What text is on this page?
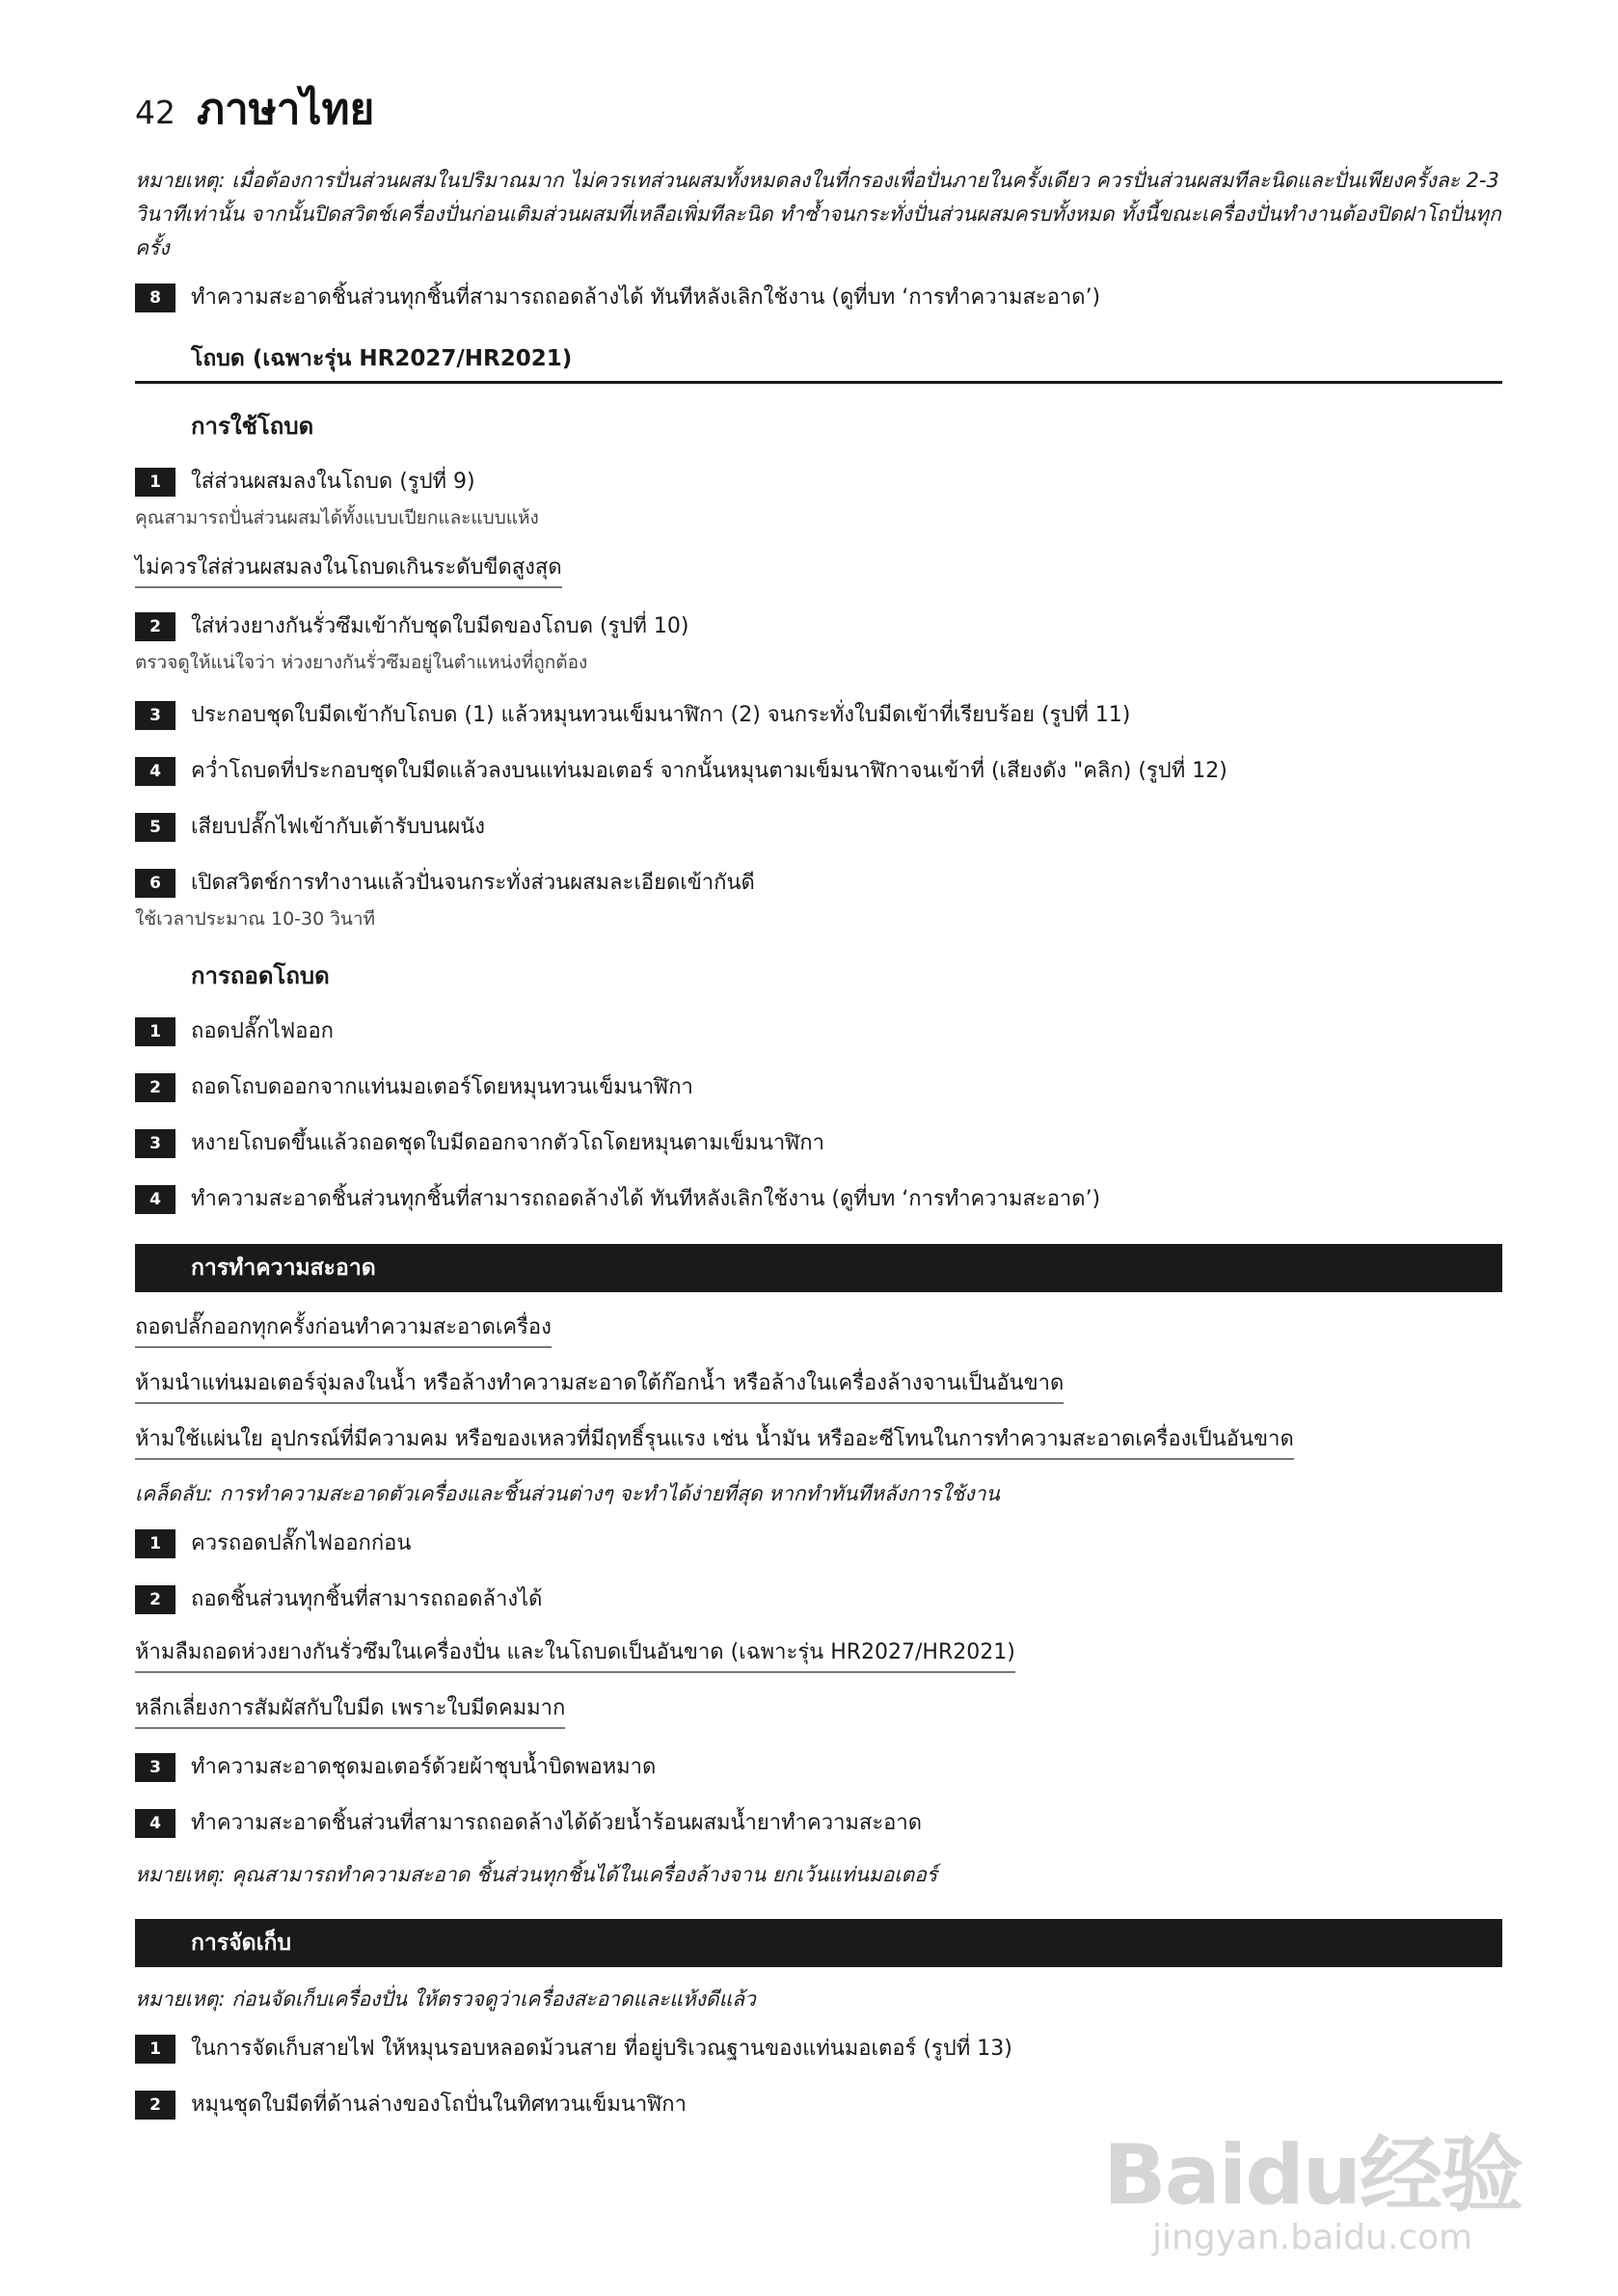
42 ภาษาไทย

หมายเหตุ: เมื่อต้องการปั่นส่วนผสมในปริมาณมาก ไม่ควรเทส่วนผสมทั้งหมดลงในที่กรองเพื่อปั่นภายในครั้งเดียว ควรปั่นส่วนผสมทีละนิดและปั่นเพียงครั้งละ 2-3 วินาทีเท่านั้น จากนั้นปิดสวิตช์เครื่องปั่นก่อนเติมส่วนผสมที่เหลือเพิ่มทีละนิด ทำซ้ำจนกระทั่งปั่นส่วนผสมครบทั้งหมด ทั้งนี้ขณะเครื่องปั่นทำงานต้องปิดฝาโถปั่นทุกครั้ง

8	ทำความสะอาดชิ้นส่วนทุกชิ้นที่สามารถถอดล้างได้ ทันทีหลังเลิกใช้งาน (ดูที่บท ‘การทำความสะอาด’)
โถบด (เฉพาะรุ่น HR2027/HR2021)
การใช้โถบด
1	ใส่ส่วนผสมลงในโถบด (รูปที่ 9)

คุณสามารถปั่นส่วนผสมได้ทั้งแบบเปียกและแบบแห้ง

ไม่ควรใส่ส่วนผสมลงในโถบดเกินระดับขีดสูงสุด
2	ใส่ห่วงยางกันรั่วซึมเข้ากับชุดใบมีดของโถบด (รูปที่ 10)

ตรวจดูให้แน่ใจว่า ห่วงยางกันรั่วซึมอยู่ในตำแหน่งที่ถูกต้อง

3	ประกอบชุดใบมีดเข้ากับโถบด (1) แล้วหมุนทวนเข็มนาฬิกา (2) จนกระทั่งใบมีดเข้าที่เรียบร้อย (รูปที่ 11)
4	คว่ำโถบดที่ประกอบชุดใบมีดแล้วลงบนแท่นมอเตอร์ จากนั้นหมุนตามเข็มนาฬิกาจนเข้าที่ (เสียงดัง "คลิก) (รูปที่ 12)
5	เสียบปลั๊กไฟเข้ากับเต้ารับบนผนัง
6	เปิดสวิตช์การทำงานแล้วปั่นจนกระทั่งส่วนผสมละเอียดเข้ากันดี

ใช้เวลาประมาณ 10-30 วินาที

การถอดโถบด
1	ถอดปลั๊กไฟออก
2	ถอดโถบดออกจากแท่นมอเตอร์โดยหมุนทวนเข็มนาฬิกา
3	หงายโถบดขึ้นแล้วถอดชุดใบมีดออกจากตัวโถโดยหมุนตามเข็มนาฬิกา
4	ทำความสะอาดชิ้นส่วนทุกชิ้นที่สามารถถอดล้างได้ ทันทีหลังเลิกใช้งาน (ดูที่บท ‘การทำความสะอาด’)
การทำความสะอาด
ถอดปลั๊กออกทุกครั้งก่อนทำความสะอาดเครื่อง
ห้ามนำแท่นมอเตอร์จุ่มลงในน้ำ หรือล้างทำความสะอาดใต้ก๊อกน้ำ หรือล้างในเครื่องล้างจานเป็นอันขาด
ห้ามใช้แผ่นใย อุปกรณ์ที่มีความคม หรือของเหลวที่มีฤทธิ์รุนแรง เช่น น้ำมัน หรืออะซีโทนในการทำความสะอาดเครื่องเป็นอันขาด

เคล็ดลับ: การทำความสะอาดตัวเครื่องและชิ้นส่วนต่างๆ จะทำได้ง่ายที่สุด หากทำทันทีหลังการใช้งาน

1	ควรถอดปลั๊กไฟออกก่อน
2	ถอดชิ้นส่วนทุกชิ้นที่สามารถถอดล้างได้
ห้ามลืมถอดห่วงยางกันรั่วซึมในเครื่องปั่น และในโถบดเป็นอันขาด (เฉพาะรุ่น HR2027/HR2021)
หลีกเลี่ยงการสัมผัสกับใบมีด เพราะใบมีดคมมาก
3	ทำความสะอาดชุดมอเตอร์ด้วยผ้าชุบน้ำบิดพอหมาด
4	ทำความสะอาดชิ้นส่วนที่สามารถถอดล้างได้ด้วยน้ำร้อนผสมน้ำยาทำความสะอาด

หมายเหตุ: คุณสามารถทำความสะอาด ชิ้นส่วนทุกชิ้นได้ในเครื่องล้างจาน ยกเว้นแท่นมอเตอร์

การจัดเก็บ

หมายเหตุ: ก่อนจัดเก็บเครื่องปั่น ให้ตรวจดูว่าเครื่องสะอาดและแห้งดีแล้ว

1	ในการจัดเก็บสายไฟ ให้หมุนรอบหลอดม้วนสาย ที่อยู่บริเวณฐานของแท่นมอเตอร์ (รูปที่ 13)
2	หมุนชุดใบมีดที่ด้านล่างของโถปั่นในทิศทวนเข็มนาฬิกา
Baidu经验
jingyan.baidu.com
